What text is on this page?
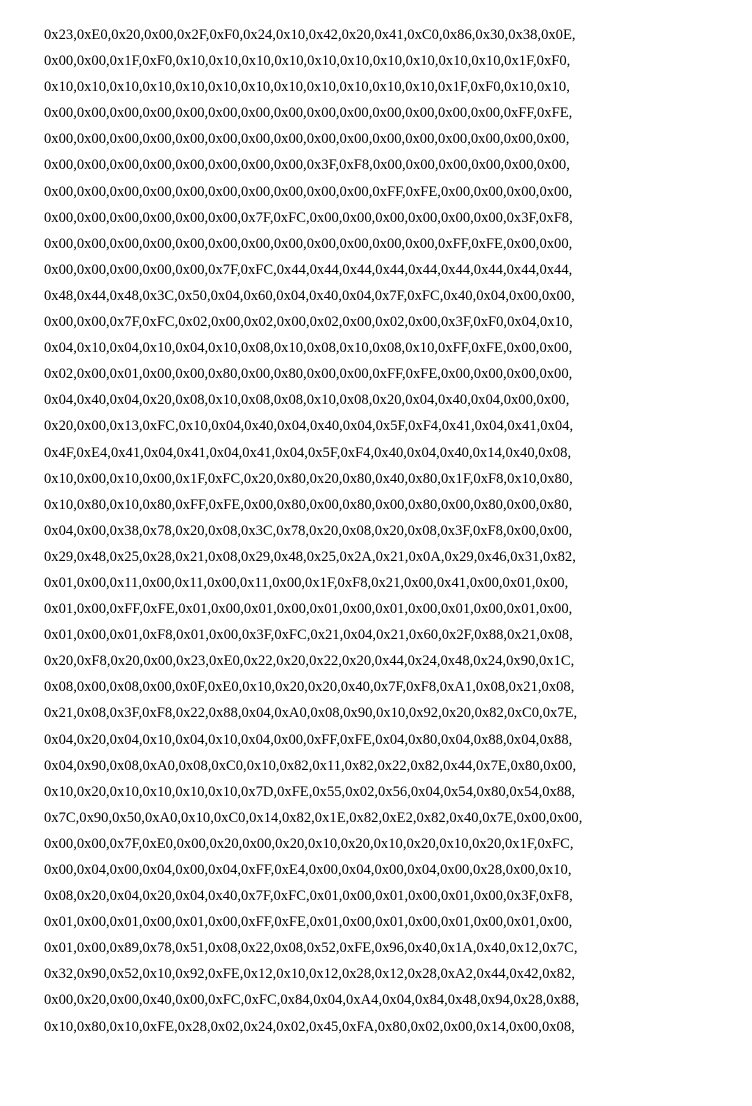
0x23,0xE0,0x20,0x00,0x2F,0xF0,0x24,0x10,0x42,0x20,0x41,0xC0,0x86,0x30,0x38,0x0E,
0x00,0x00,0x1F,0xF0,0x10,0x10,0x10,0x10,0x10,0x10,0x10,0x10,0x10,0x10,0x1F,0xF0,
0x10,0x10,0x10,0x10,0x10,0x10,0x10,0x10,0x10,0x10,0x10,0x10,0x1F,0xF0,0x10,0x10,
0x00,0x00,0x00,0x00,0x00,0x00,0x00,0x00,0x00,0x00,0x00,0x00,0x00,0x00,0xFF,0xFE,
0x00,0x00,0x00,0x00,0x00,0x00,0x00,0x00,0x00,0x00,0x00,0x00,0x00,0x00,0x00,0x00,
0x00,0x00,0x00,0x00,0x00,0x00,0x00,0x00,0x3F,0xF8,0x00,0x00,0x00,0x00,0x00,0x00,
0x00,0x00,0x00,0x00,0x00,0x00,0x00,0x00,0x00,0x00,0xFF,0xFE,0x00,0x00,0x00,0x00,
0x00,0x00,0x00,0x00,0x00,0x00,0x7F,0xFC,0x00,0x00,0x00,0x00,0x00,0x00,0x3F,0xF8,
0x00,0x00,0x00,0x00,0x00,0x00,0x00,0x00,0x00,0x00,0x00,0x00,0xFF,0xFE,0x00,0x00,
0x00,0x00,0x00,0x00,0x00,0x7F,0xFC,0x44,0x44,0x44,0x44,0x44,0x44,0x44,0x44,0x44,
0x48,0x44,0x48,0x3C,0x50,0x04,0x60,0x04,0x40,0x04,0x7F,0xFC,0x40,0x04,0x00,0x00,
0x00,0x00,0x7F,0xFC,0x02,0x00,0x02,0x00,0x02,0x00,0x02,0x00,0x3F,0xF0,0x04,0x10,
0x04,0x10,0x04,0x10,0x04,0x10,0x08,0x10,0x08,0x10,0x08,0x10,0xFF,0xFE,0x00,0x00,
0x02,0x00,0x01,0x00,0x00,0x80,0x00,0x80,0x00,0x00,0xFF,0xFE,0x00,0x00,0x00,0x00,
0x04,0x40,0x04,0x20,0x08,0x10,0x08,0x08,0x10,0x08,0x20,0x04,0x40,0x04,0x00,0x00,
0x20,0x00,0x13,0xFC,0x10,0x04,0x40,0x04,0x40,0x04,0x5F,0xF4,0x41,0x04,0x41,0x04,
0x4F,0xE4,0x41,0x04,0x41,0x04,0x41,0x04,0x5F,0xF4,0x40,0x04,0x40,0x14,0x40,0x08,
0x10,0x00,0x10,0x00,0x1F,0xFC,0x20,0x80,0x20,0x80,0x40,0x80,0x1F,0xF8,0x10,0x80,
0x10,0x80,0x10,0x80,0xFF,0xFE,0x00,0x80,0x00,0x80,0x00,0x80,0x00,0x80,0x00,0x80,
0x04,0x00,0x38,0x78,0x20,0x08,0x3C,0x78,0x20,0x08,0x20,0x08,0x3F,0xF8,0x00,0x00,
0x29,0x48,0x25,0x28,0x21,0x08,0x29,0x48,0x25,0x2A,0x21,0x0A,0x29,0x46,0x31,0x82,
0x01,0x00,0x11,0x00,0x11,0x00,0x11,0x00,0x1F,0xF8,0x21,0x00,0x41,0x00,0x01,0x00,
0x01,0x00,0xFF,0xFE,0x01,0x00,0x01,0x00,0x01,0x00,0x01,0x00,0x01,0x00,0x01,0x00,
0x01,0x00,0x01,0xF8,0x01,0x00,0x3F,0xFC,0x21,0x04,0x21,0x60,0x2F,0x88,0x21,0x08,
0x20,0xF8,0x20,0x00,0x23,0xE0,0x22,0x20,0x22,0x20,0x44,0x24,0x48,0x24,0x90,0x1C,
0x08,0x00,0x08,0x00,0x0F,0xE0,0x10,0x20,0x20,0x40,0x7F,0xF8,0xA1,0x08,0x21,0x08,
0x21,0x08,0x3F,0xF8,0x22,0x88,0x04,0xA0,0x08,0x90,0x10,0x92,0x20,0x82,0xC0,0x7E,
0x04,0x20,0x04,0x10,0x04,0x10,0x04,0x00,0xFF,0xFE,0x04,0x80,0x04,0x88,0x04,0x88,
0x04,0x90,0x08,0xA0,0x08,0xC0,0x10,0x82,0x11,0x82,0x22,0x82,0x44,0x7E,0x80,0x00,
0x10,0x20,0x10,0x10,0x10,0x10,0x7D,0xFE,0x55,0x02,0x56,0x04,0x54,0x80,0x54,0x88,
0x7C,0x90,0x50,0xA0,0x10,0xC0,0x14,0x82,0x1E,0x82,0xE2,0x82,0x40,0x7E,0x00,0x00,
0x00,0x00,0x7F,0xE0,0x00,0x20,0x00,0x20,0x10,0x20,0x10,0x20,0x10,0x20,0x1F,0xFC,
0x00,0x04,0x00,0x04,0x00,0x04,0xFF,0xE4,0x00,0x04,0x00,0x04,0x00,0x28,0x00,0x10,
0x08,0x20,0x04,0x20,0x04,0x40,0x7F,0xFC,0x01,0x00,0x01,0x00,0x01,0x00,0x3F,0xF8,
0x01,0x00,0x01,0x00,0x01,0x00,0xFF,0xFE,0x01,0x00,0x01,0x00,0x01,0x00,0x01,0x00,
0x01,0x00,0x89,0x78,0x51,0x08,0x22,0x08,0x52,0xFE,0x96,0x40,0x1A,0x40,0x12,0x7C,
0x32,0x90,0x52,0x10,0x92,0xFE,0x12,0x10,0x12,0x28,0x12,0x28,0xA2,0x44,0x42,0x82,
0x00,0x20,0x00,0x40,0x00,0xFC,0xFC,0x84,0x04,0xA4,0x04,0x84,0x48,0x94,0x28,0x88,
0x10,0x80,0x10,0xFE,0x28,0x02,0x24,0x02,0x45,0xFA,0x80,0x02,0x00,0x14,0x00,0x08,
